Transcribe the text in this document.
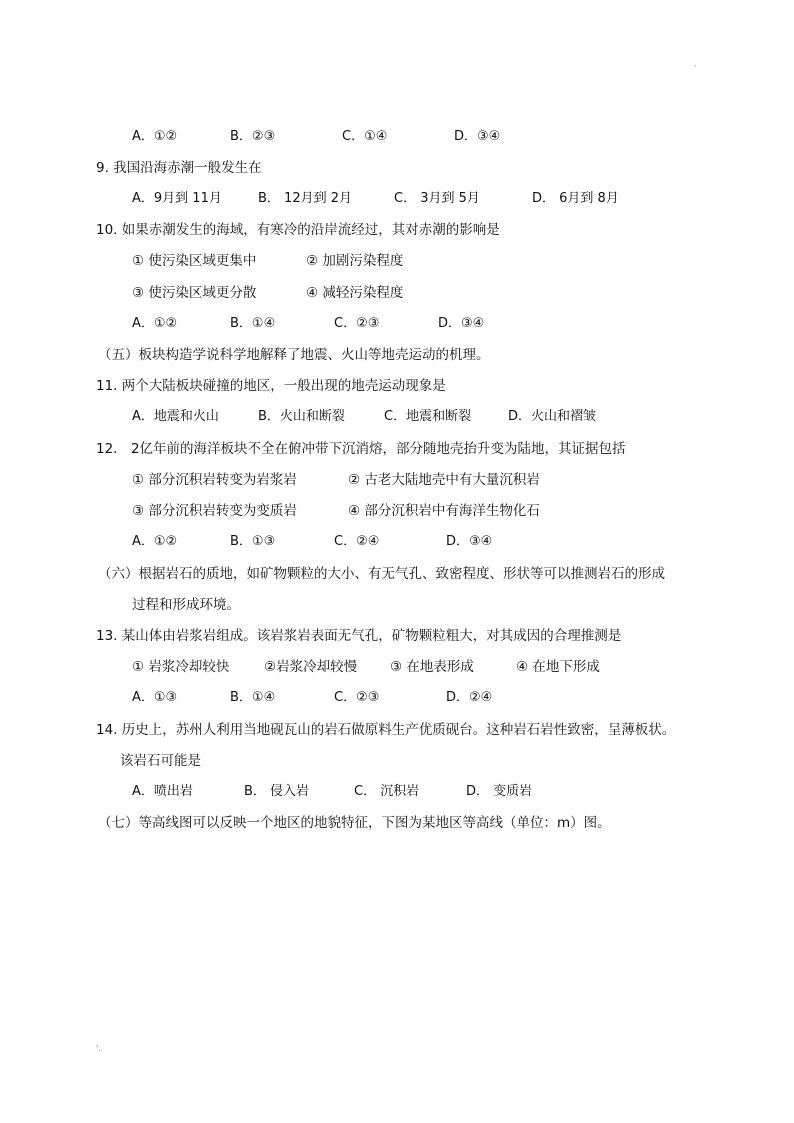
·
A．①②	B．②③	C．①④	D．③④
9. 我国沿海赤潮一般发生在
A．9月到 11月	B． 12月到 2月	C． 3月到 5月	D． 6月到 8月
10. 如果赤潮发生的海域，有寒冷的沿岸流经过，其对赤潮的影响是
① 使污染区域更集中	② 加剧污染程度
③ 使污染区域更分散	④ 减轻污染程度
A．①②	B．①④	C．②③	D．③④
（五）板块构造学说科学地解释了地震、火山等地壳运动的机理。
11. 两个大陆板块碰撞的地区，一般出现的地壳运动现象是
A．地震和火山	B．火山和断裂	C．地震和断裂	D．火山和褶皱
12． 2亿年前的海洋板块不全在俯冲带下沉消熔，部分随地壳抬升变为陆地，其证据包括
① 部分沉积岩转变为岩浆岩	② 古老大陆地壳中有大量沉积岩
③ 部分沉积岩转变为变质岩	④ 部分沉积岩中有海洋生物化石
A．①②	B．①③	C．②④	D．③④
（六）根据岩石的质地，如矿物颗粒的大小、有无气孔、致密程度、形状等可以推测岩石的形成
过程和形成环境。
13. 某山体由岩浆岩组成。该岩浆岩表面无气孔，矿物颗粒粗大，对其成因的合理推测是
① 岩浆冷却较快	②岩浆冷却较慢 ③ 在地表形成	④ 在地下形成
A．①③	B．①④	C．②③	D．②④
14. 历史上，苏州人利用当地砚瓦山的岩石做原料生产优质砚台。这种岩石岩性致密，呈薄板状。
该岩石可能是
A．喷出岩	B． 侵入岩	C． 沉积岩	D． 变质岩
（七）等高线图可以反映一个地区的地貌特征，下图为某地区等高线（单位：m）图。
'.
